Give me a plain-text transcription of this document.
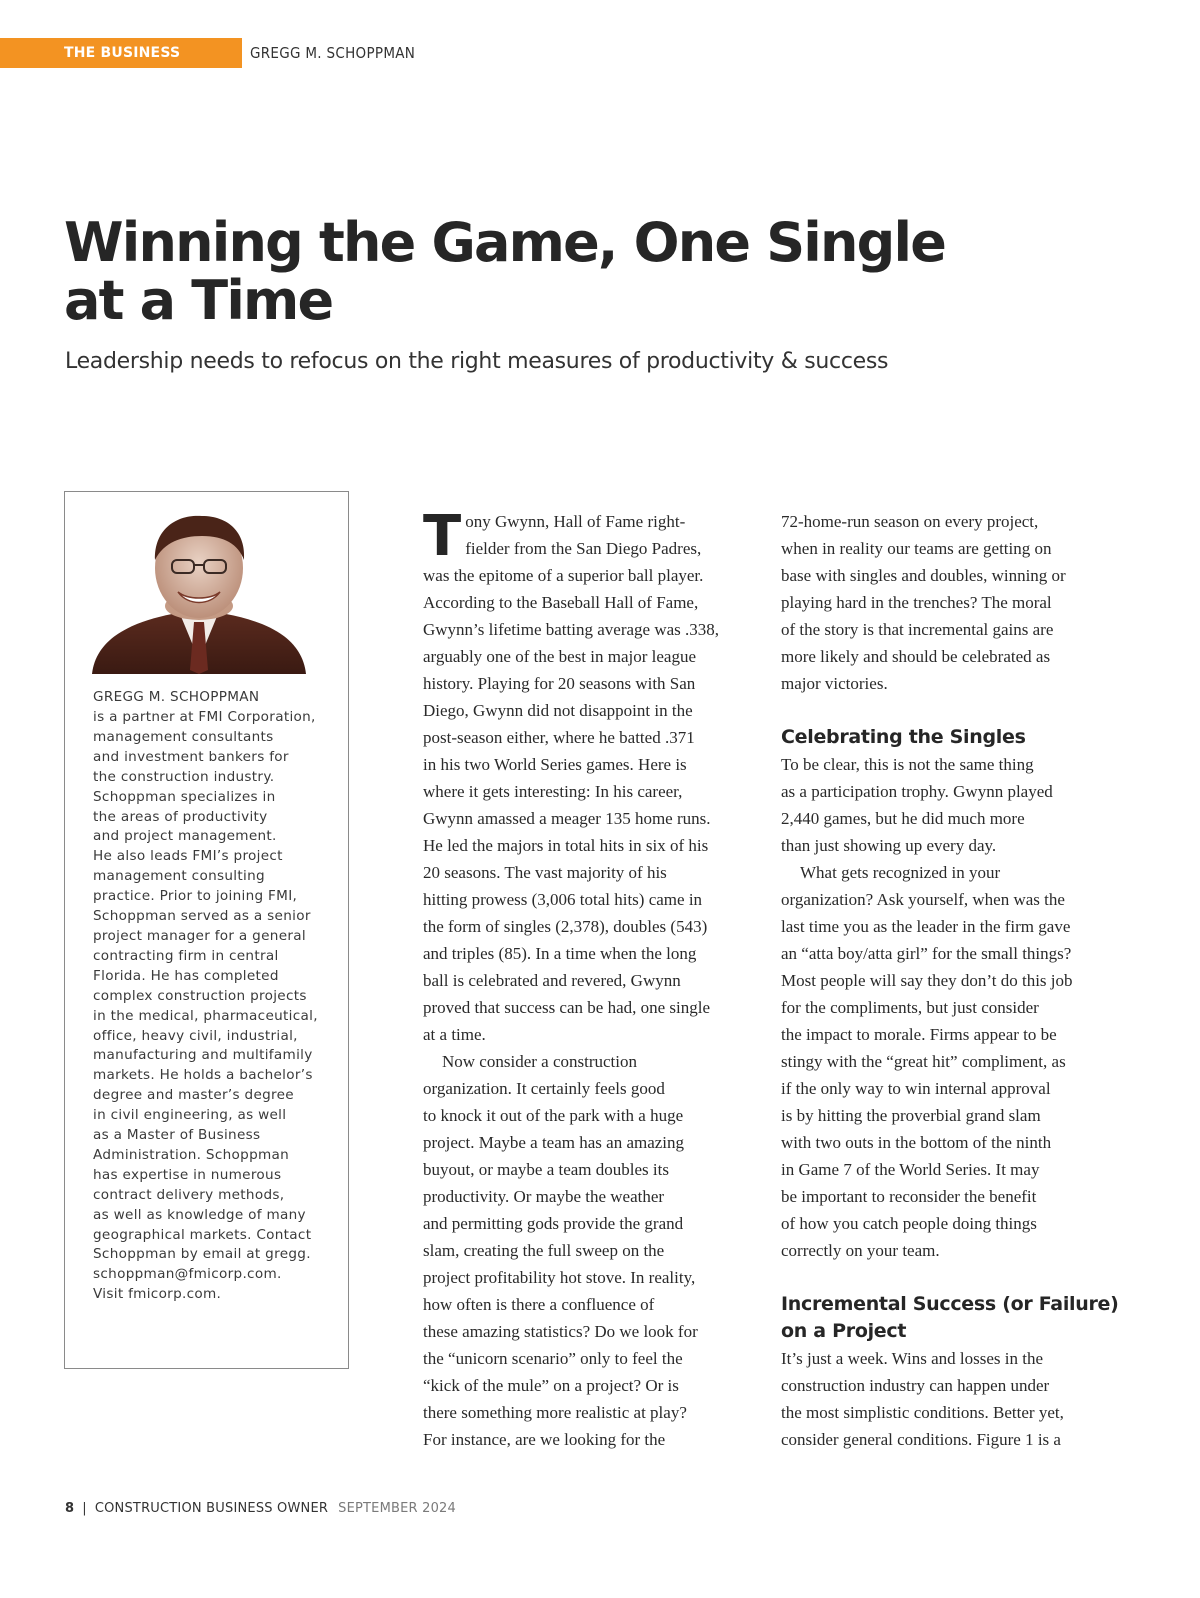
THE BUSINESS COUNCIL
GREGG M. SCHOPPMAN
Winning the Game, One Single at a Time

Leadership needs to refocus on the right measures of productivity & success

GREGG M. SCHOPPMAN

is a partner at FMI Corporation,
management consultants
and investment bankers for
the construction industry.
Schoppman specializes in
the areas of productivity
and project management.
He also leads FMI’s project
management consulting
practice. Prior to joining FMI,
Schoppman served as a senior
project manager for a general
contracting firm in central
Florida. He has completed
complex construction projects
in the medical, pharmaceutical,
office, heavy civil, industrial,
manufacturing and multifamily
markets. He holds a bachelor’s
degree and master’s degree
in civil engineering, as well
as a Master of Business
Administration. Schoppman
has expertise in numerous
contract delivery methods,
as well as knowledge of many
geographical markets. Contact
Schoppman by email at gregg.
schoppman@fmicorp.com.
Visit fmicorp.com.

T ony Gwynn, Hall of Fame right-
fielder from the San Diego Padres,
was the epitome of a superior ball player.
According to the Baseball Hall of Fame,
Gwynn’s lifetime batting average was .338,
arguably one of the best in major league
history. Playing for 20 seasons with San
Diego, Gwynn did not disappoint in the
post-season either, where he batted .371
in his two World Series games. Here is
where it gets interesting: In his career,
Gwynn amassed a meager 135 home runs.
He led the majors in total hits in six of his
20 seasons. The vast majority of his
hitting prowess (3,006 total hits) came in
the form of singles (2,378), doubles (543)
and triples (85). In a time when the long
ball is celebrated and revered, Gwynn
proved that success can be had, one single
at a time.

Now consider a construction
organization. It certainly feels good
to knock it out of the park with a huge
project. Maybe a team has an amazing
buyout, or maybe a team doubles its
productivity. Or maybe the weather
and permitting gods provide the grand
slam, creating the full sweep on the
project profitability hot stove. In reality,
how often is there a confluence of
these amazing statistics? Do we look for
the “unicorn scenario” only to feel the
“kick of the mule” on a project? Or is
there something more realistic at play?
For instance, are we looking for the

72-home-run season on every project,
when in reality our teams are getting on
base with singles and doubles, winning or
playing hard in the trenches? The moral
of the story is that incremental gains are
more likely and should be celebrated as
major victories.

Celebrating the Singles

To be clear, this is not the same thing
as a participation trophy. Gwynn played
2,440 games, but he did much more
than just showing up every day.

What gets recognized in your
organization? Ask yourself, when was the
last time you as the leader in the firm gave
an “atta boy/atta girl” for the small things?
Most people will say they don’t do this job
for the compliments, but just consider
the impact to morale. Firms appear to be
stingy with the “great hit” compliment, as
if the only way to win internal approval
is by hitting the proverbial grand slam
with two outs in the bottom of the ninth
in Game 7 of the World Series. It may
be important to reconsider the benefit
of how you catch people doing things
correctly on your team.

Incremental Success (or Failure)
on a Project

It’s just a week. Wins and losses in the
construction industry can happen under
the most simplistic conditions. Better yet,
consider general conditions. Figure 1 is a

8 | CONSTRUCTION BUSINESS OWNER SEPTEMBER 2024
